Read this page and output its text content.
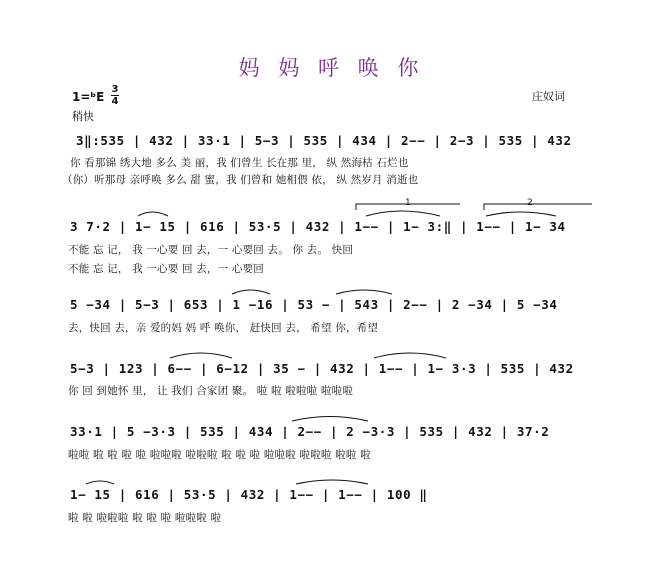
妈 妈 呼 唤 你
1=ᵇE
3
4
稍快
庄奴词
3‖:535 | 432 | 33·1 | 5−3 | 535 | 434 | 2−− | 2−3 | 535 | 432
你 看那锦 绣大地 多么 美 丽，我 们曾生 长在那 里， 纵 然海枯 石烂也
（你）听那母 亲呼唤 多么 甜 蜜，我 们曾和 她相偎 依， 纵 然岁月 消逝也
3 7·2 | 1− 15 | 616 | 53·5 | 432 | 1−− | 1− 3:‖ | 1−− | 1− 34
不能 忘 记， 我 一心要 回 去，一 心要回 去。 你 去。 快回
不能 忘 记， 我 一心要 回 去，一 心要回
1	2
5 −34 | 5−3 | 653 | 1 −16 | 53 − | 543 | 2−− | 2 −34 | 5 −34
去，快回 去，亲 爱的妈 妈 呼 唤你， 赶快回 去， 希望 你，希望
5−3 | 123 | 6−− | 6−12 | 35 − | 432 | 1−− | 1− 3·3 | 535 | 432
你 回 到她怀 里， 让 我们 合家团 聚。 啦 啦 啦啦啦 啦啦啦
33·1 | 5 −3·3 | 535 | 434 | 2−− | 2 −3·3 | 535 | 432 | 37·2
啦啦 啦 啦 啦 啦 啦啦啦 啦啦啦 啦 啦 啦 啦啦啦 啦啦啦 啦啦 啦
1− 15 | 616 | 53·5 | 432 | 1−− | 1−− | 100 ‖
啦 啦 啦啦啦 啦 啦 啦 啦啦啦 啦
